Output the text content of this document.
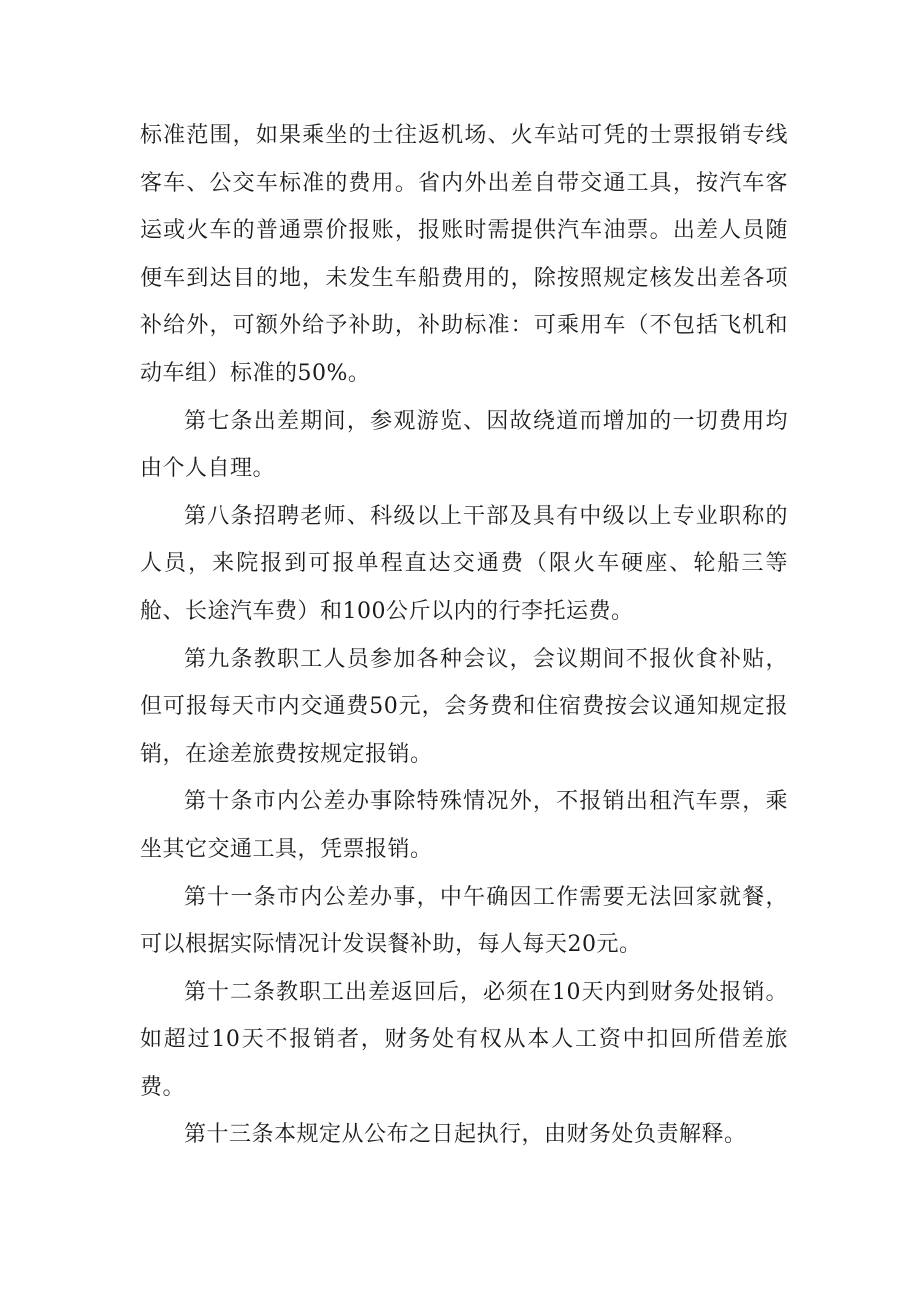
标准范围，如果乘坐的士往返机场、火车站可凭的士票报销专线客车、公交车标准的费用。省内外出差自带交通工具，按汽车客运或火车的普通票价报账，报账时需提供汽车油票。出差人员随便车到达目的地，未发生车船费用的，除按照规定核发出差各项补给外，可额外给予补助，补助标准：可乘用车（不包括飞机和动车组）标准的50%。

第七条出差期间，参观游览、因故绕道而增加的一切费用均由个人自理。

第八条招聘老师、科级以上干部及具有中级以上专业职称的人员，来院报到可报单程直达交通费（限火车硬座、轮船三等舱、长途汽车费）和100公斤以内的行李托运费。

第九条教职工人员参加各种会议，会议期间不报伙食补贴，但可报每天市内交通费50元，会务费和住宿费按会议通知规定报销，在途差旅费按规定报销。

第十条市内公差办事除特殊情况外，不报销出租汽车票，乘坐其它交通工具，凭票报销。

第十一条市内公差办事，中午确因工作需要无法回家就餐，可以根据实际情况计发误餐补助，每人每天20元。

第十二条教职工出差返回后，必须在10天内到财务处报销。如超过10天不报销者，财务处有权从本人工资中扣回所借差旅费。

第十三条本规定从公布之日起执行，由财务处负责解释。
